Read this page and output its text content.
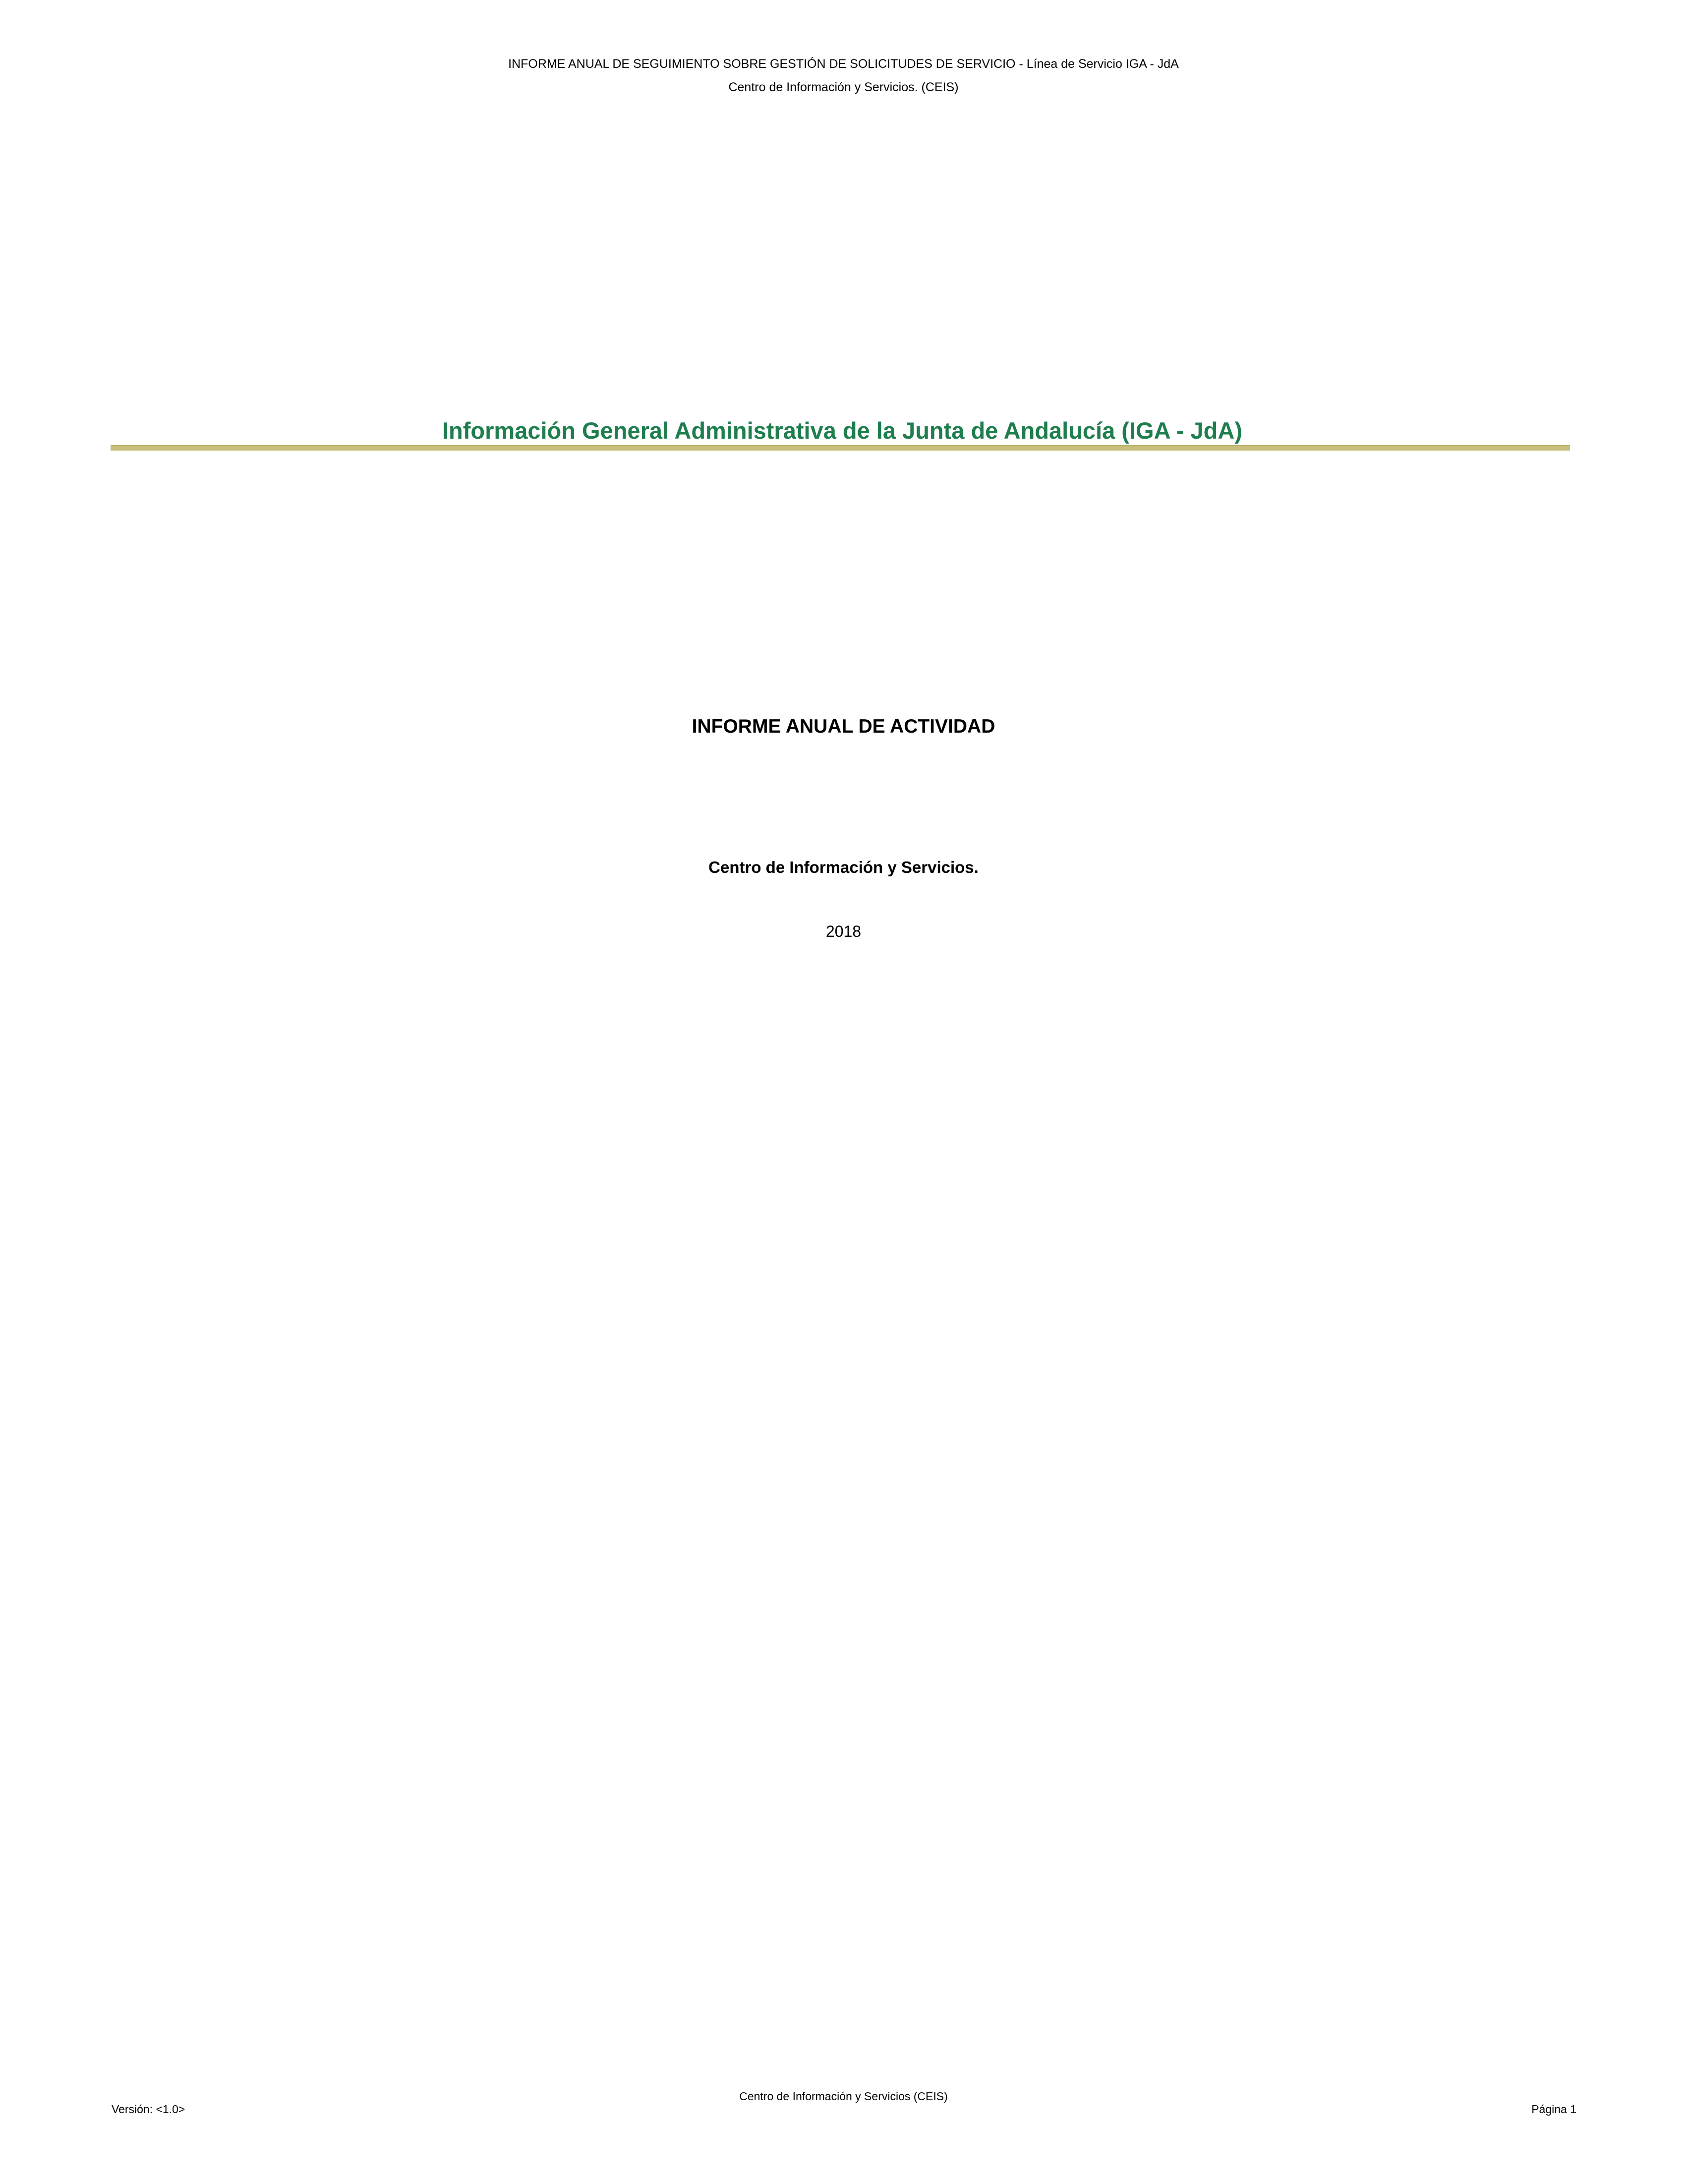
INFORME ANUAL DE SEGUIMIENTO SOBRE GESTIÓN DE SOLICITUDES DE SERVICIO - Línea de Servicio IGA - JdA
Centro de Información y Servicios. (CEIS)
Información General Administrativa de la Junta de Andalucía (IGA - JdA)
INFORME ANUAL DE ACTIVIDAD
Centro de Información y Servicios.
2018
Centro de Información y Servicios (CEIS)
Versión: <1.0>	Página 1
